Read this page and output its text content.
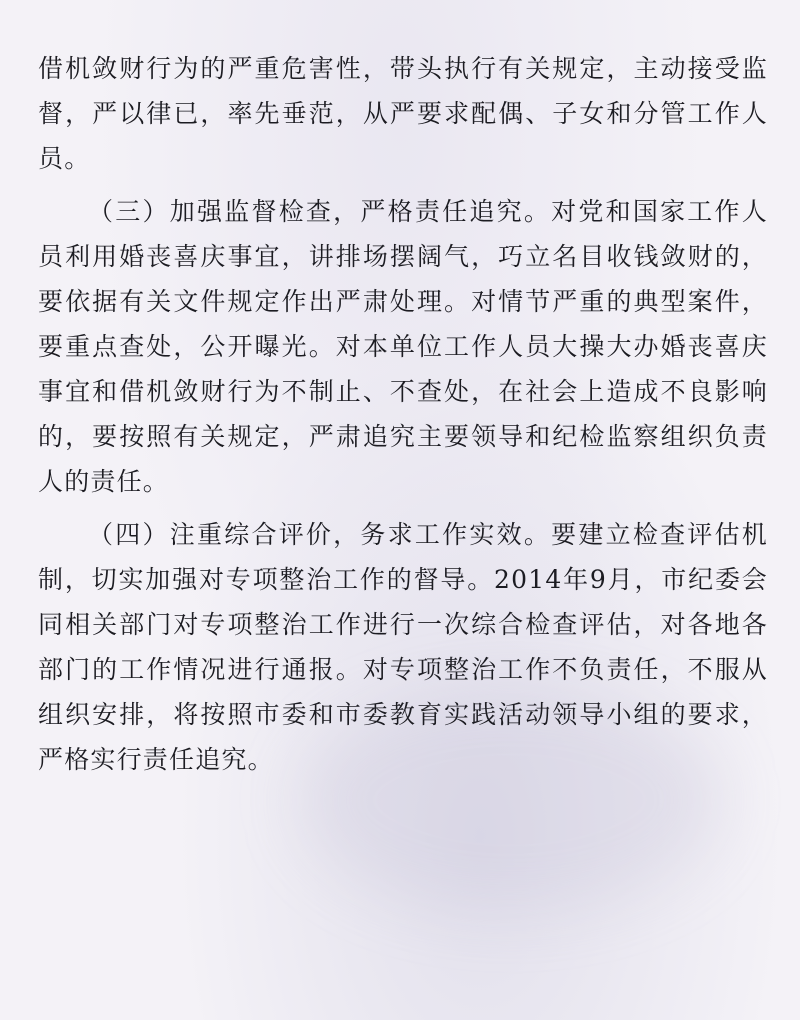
借机敛财行为的严重危害性，带头执行有关规定，主动接受监督，严以律已，率先垂范，从严要求配偶、子女和分管工作人员。

（三）加强监督检查，严格责任追究。对党和国家工作人员利用婚丧喜庆事宜，讲排场摆阔气，巧立名目收钱敛财的，要依据有关文件规定作出严肃处理。对情节严重的典型案件，要重点查处，公开曝光。对本单位工作人员大操大办婚丧喜庆事宜和借机敛财行为不制止、不查处，在社会上造成不良影响的，要按照有关规定，严肃追究主要领导和纪检监察组织负责人的责任。

（四）注重综合评价，务求工作实效。要建立检查评估机制，切实加强对专项整治工作的督导。2014年9月，市纪委会同相关部门对专项整治工作进行一次综合检查评估，对各地各部门的工作情况进行通报。对专项整治工作不负责任，不服从组织安排，将按照市委和市委教育实践活动领导小组的要求，严格实行责任追究。
